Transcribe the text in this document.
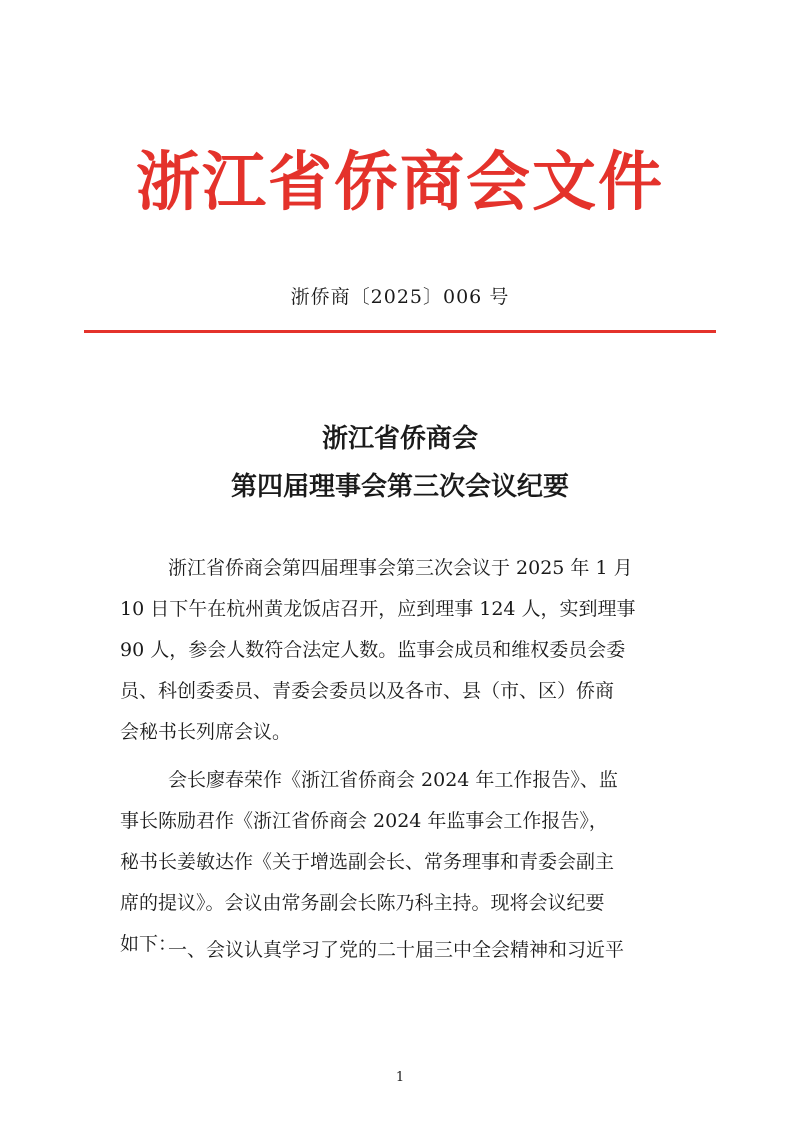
浙江省侨商会文件
浙侨商〔2025〕006 号
浙江省侨商会
第四届理事会第三次会议纪要
浙江省侨商会第四届理事会第三次会议于 2025 年 1 月
10 日下午在杭州黄龙饭店召开，应到理事 124 人，实到理事
90 人，参会人数符合法定人数。监事会成员和维权委员会委
员、科创委委员、青委会委员以及各市、县（市、区）侨商
会秘书长列席会议。
会长廖春荣作《浙江省侨商会 2024 年工作报告》、监
事长陈励君作《浙江省侨商会 2024 年监事会工作报告》，
秘书长姜敏达作《关于增选副会长、常务理事和青委会副主
席的提议》。会议由常务副会长陈乃科主持。现将会议纪要
如下：
一、会议认真学习了党的二十届三中全会精神和习近平
1
